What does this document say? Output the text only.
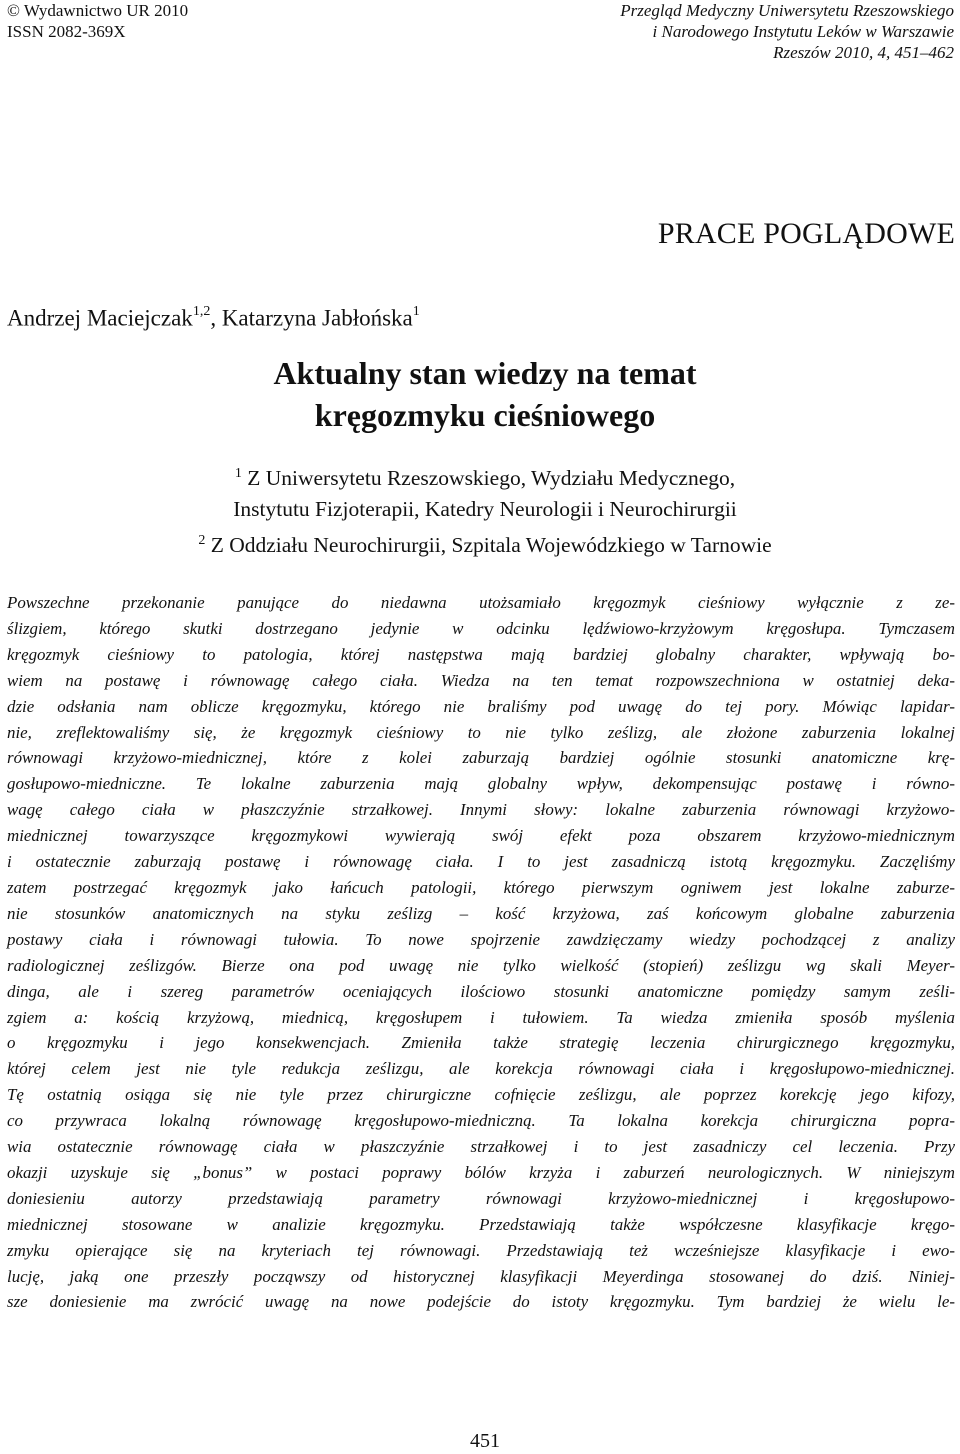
© Wydawnictwo UR 2010
ISSN 2082-369X
Przegląd Medyczny Uniwersytetu Rzeszowskiego
i Narodowego Instytutu Leków w Warszawie
Rzeszów 2010, 4, 451–462
PRACE POGLĄDOWE
Andrzej Maciejczak$^{1,2}$, Katarzyna Jabłońska$^1$
Aktualny stan wiedzy na temat
kręgozmyku cieśniowego
$^1$ Z Uniwersytetu Rzeszowskiego, Wydziału Medycznego,
Instytutu Fizjoterapii, Katedry Neurologii i Neurochirurgii
$^2$ Z Oddziału Neurochirurgii, Szpitala Wojewódzkiego w Tarnowie
Powszechne przekonanie panujące do niedawna utożsamiało kręgozmyk cieśniowy wyłącznie z ze-
ślizgiem, którego skutki dostrzegano jedynie w odcinku lędźwiowo-krzyżowym kręgosłupa. Tymczasem
kręgozmyk cieśniowy to patologia, której następstwa mają bardziej globalny charakter, wpływają bo-
wiem na postawę i równowagę całego ciała. Wiedza na ten temat rozpowszechniona w ostatniej deka-
dzie odsłania nam oblicze kręgozmyku, którego nie braliśmy pod uwagę do tej pory. Mówiąc lapidar-
nie, zreflektowaliśmy się, że kręgozmyk cieśniowy to nie tylko ześlizg, ale złożone zaburzenia lokalnej
równowagi krzyżowo-miednicznej, które z kolei zaburzają bardziej ogólnie stosunki anatomiczne krę-
gosłupowo-miedniczne. Te lokalne zaburzenia mają globalny wpływ, dekompensując postawę i równo-
wagę całego ciała w płaszczyźnie strzałkowej. Innymi słowy: lokalne zaburzenia równowagi krzyżowo-
miednicznej towarzyszące kręgozmykowi wywierają swój efekt poza obszarem krzyżowo-miednicznym
i ostatecznie zaburzają postawę i równowagę ciała. I to jest zasadniczą istotą kręgozmyku. Zaczęliśmy
zatem postrzegać kręgozmyk jako łańcuch patologii, którego pierwszym ogniwem jest lokalne zaburze-
nie stosunków anatomicznych na styku ześlizg – kość krzyżowa, zaś końcowym globalne zaburzenia
postawy ciała i równowagi tułowia. To nowe spojrzenie zawdzięczamy wiedzy pochodzącej z analizy
radiologicznej ześlizgów. Bierze ona pod uwagę nie tylko wielkość (stopień) ześlizgu wg skali Meyer-
dinga, ale i szereg parametrów oceniających ilościowo stosunki anatomiczne pomiędzy samym ześli-
zgiem a: kością krzyżową, miednicą, kręgosłupem i tułowiem. Ta wiedza zmieniła sposób myślenia
o kręgozmyku i jego konsekwencjach. Zmieniła także strategię leczenia chirurgicznego kręgozmyku,
której celem jest nie tyle redukcja ześlizgu, ale korekcja równowagi ciała i kręgosłupowo-miednicznej.
Tę ostatnią osiąga się nie tyle przez chirurgiczne cofnięcie ześlizgu, ale poprzez korekcję jego kifozy,
co przywraca lokalną równowagę kręgosłupowo-miedniczną. Ta lokalna korekcja chirurgiczna popra-
wia ostatecznie równowagę ciała w płaszczyźnie strzałkowej i to jest zasadniczy cel leczenia. Przy
okazji uzyskuje się „bonus” w postaci poprawy bólów krzyża i zaburzeń neurologicznych. W niniejszym
doniesieniu autorzy przedstawiają parametry równowagi krzyżowo-miednicznej i kręgosłupowo-
miednicznej stosowane w analizie kręgozmyku. Przedstawiają także współczesne klasyfikacje kręgo-
zmyku opierające się na kryteriach tej równowagi. Przedstawiają też wcześniejsze klasyfikacje i ewo-
lucję, jaką one przeszły począwszy od historycznej klasyfikacji Meyerdinga stosowanej do dziś. Niniej-
sze doniesienie ma zwrócić uwagę na nowe podejście do istoty kręgozmyku. Tym bardziej że wielu le-
451
